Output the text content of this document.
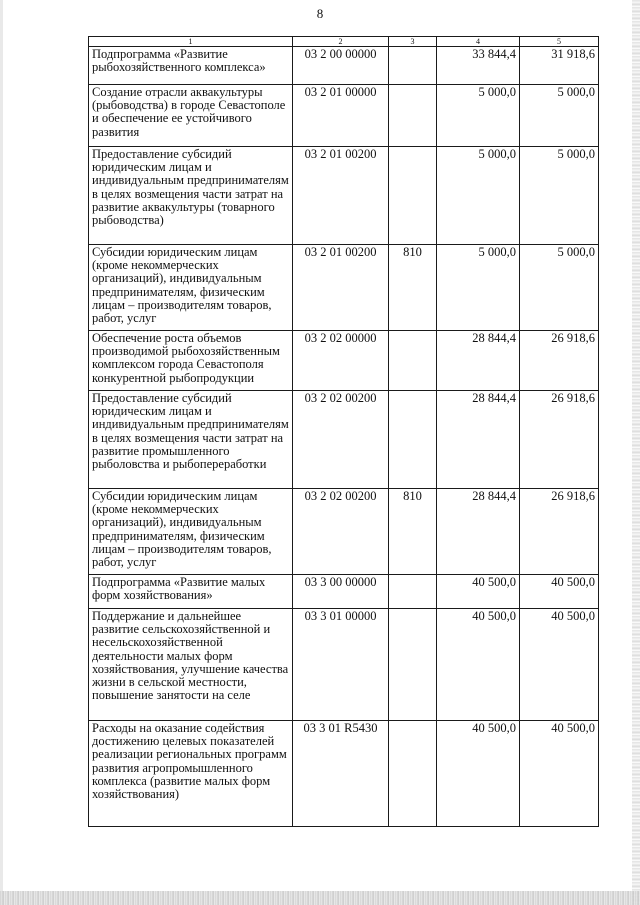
8
1	2	3	4	5
Подпрограмма «Развитие рыбохозяйственного комплекса»	03 2 00 00000		33 844,4	31 918,6
Создание отрасли аквакультуры (рыбоводства) в городе Севастополе и обеспечение ее устойчивого развития	03 2 01 00000		5 000,0	5 000,0
Предоставление субсидий юридическим лицам и индивидуальным предпринимателям в целях возмещения части затрат на развитие аквакультуры (товарного рыбоводства)	03 2 01 00200		5 000,0	5 000,0
Субсидии юридическим лицам (кроме некоммерческих организаций), индивидуальным предпринимателям, физическим лицам – производителям товаров, работ, услуг	03 2 01 00200	810	5 000,0	5 000,0
Обеспечение роста объемов производимой рыбохозяйственным комплексом города Севастополя конкурентной рыбопродукции	03 2 02 00000		28 844,4	26 918,6
Предоставление субсидий юридическим лицам и индивидуальным предпринимателям в целях возмещения части затрат на развитие промышленного рыболовства и рыбопереработки	03 2 02 00200		28 844,4	26 918,6
Субсидии юридическим лицам (кроме некоммерческих организаций), индивидуальным предпринимателям, физическим лицам – производителям товаров, работ, услуг	03 2 02 00200	810	28 844,4	26 918,6
Подпрограмма «Развитие малых форм хозяйствования»	03 3 00 00000		40 500,0	40 500,0
Поддержание и дальнейшее развитие сельскохозяйственной и несельскохозяйственной деятельности малых форм хозяйствования, улучшение качества жизни в сельской местности, повышение занятости на селе	03 3 01 00000		40 500,0	40 500,0
Расходы на оказание содействия достижению целевых показателей реализации региональных программ развития агропромышленного комплекса (развитие малых форм хозяйствования)	03 3 01 R5430		40 500,0	40 500,0
